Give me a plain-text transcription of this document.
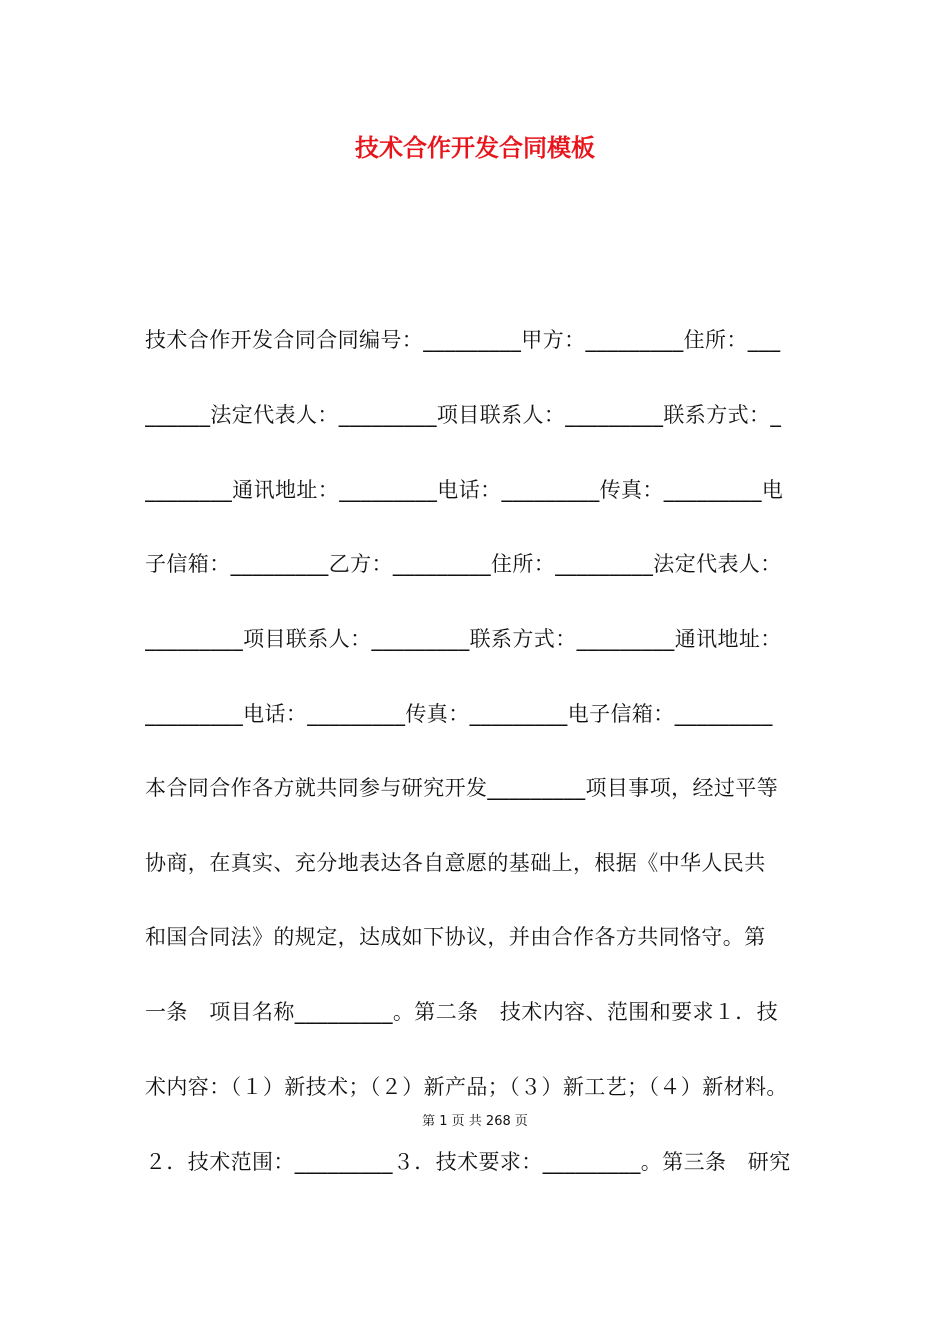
技术合作开发合同模板
技术合作开发合同合同编号：_________甲方：_________住所：___
______法定代表人：_________项目联系人：_________联系方式：_
________通讯地址：_________电话：_________传真：_________电
子信箱：_________乙方：_________住所：_________法定代表人：
_________项目联系人：_________联系方式：_________通讯地址：
_________电话：_________传真：_________电子信箱：_________
本合同合作各方就共同参与研究开发_________项目事项，经过平等
协商，在真实、充分地表达各自意愿的基础上，根据《中华人民共
和国合同法》的规定，达成如下协议，并由合作各方共同恪守。第
一条　项目名称_________。第二条　技术内容、范围和要求１．技
术内容：（１）新技术；（２）新产品；（３）新工艺；（４）新材料。
２．技术范围：_________３．技术要求：_________。第三条　研究
第 1 页 共 268 页
